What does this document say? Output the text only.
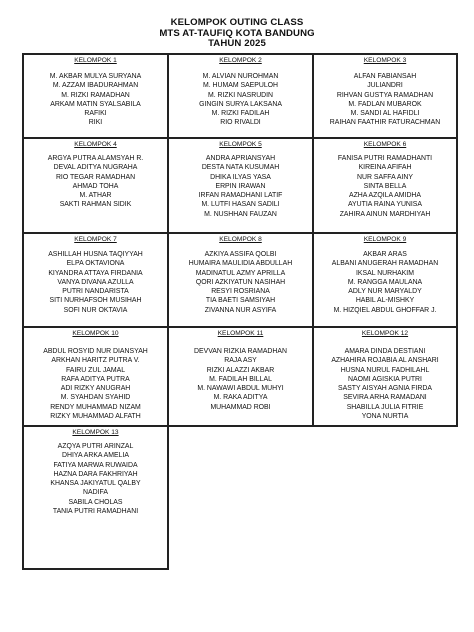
KELOMPOK OUTING CLASS
MTS AT-TAUFIQ KOTA BANDUNG
TAHUN 2025
KELOMPOK 1
M. AKBAR MULYA SURYANA
M. AZZAM IBADURAHMAN
M. RIZKI RAMADHAN
ARKAM MATIN SYALSABILA
RAFIKI
RIKI
KELOMPOK 2
M. ALVIAN NUROHMAN
M. HUMAM SAEPULOH
M. RIZKI NASRUDIN
GINGIN SURYA LAKSANA
M. RIZKI FADILAH
RIO RIVALDI
KELOMPOK 3
ALFAN FABIANSAH
JULIANDRI
RIHVAN GUSTYA RAMADHAN
M. FADLAN MUBAROK
M. SANDI AL HAFIDLI
RAIHAN FAATHIR FATURACHMAN
KELOMPOK 4
ARGYA PUTRA ALAMSYAH R.
DEVAL ADITYA NUGRAHA
RIO TEGAR RAMADHAN
AHMAD TOHA
M. ATHAR
SAKTI RAHMAN SIDIK
KELOMPOK 5
ANDRA APRIANSYAH
DESTA NATA KUSUMAH
DHIKA ILYAS YASA
ERPIN IRAWAN
IRFAN RAMADHANI LATIF
M. LUTFI HASAN SADILI
M. NUSHHAN FAUZAN
KELOMPOK 6
FANISA PUTRI RAMADHANTI
KIREINA AFIFAH
NUR SAFFA AINY
SINTA BELLA
AZHA AZQILA AMIDHA
AYUTIA RAINA YUNISA
ZAHIRA AINUN MARDHIYAH
KELOMPOK 7
ASHILLAH HUSNA TAQIYYAH
ELPA OKTAVIONA
KIYANDRA ATTAYA FIRDANIA
VANYA DIVANA AZULLA
PUTRI NANDARISTA
SITI NURHAFSOH MUSIHAH
SOFI NUR OKTAVIA
KELOMPOK 8
AZKIYA ASSIFA QOLBI
HUMAIRA MAULIDIA ABDULLAH
MADINATUL AZMY APRILLA
QORI AZKIYATUN NASIHAH
RESYI ROSRIANA
TIA BAETI SAMSIYAH
ZIVANNA NUR ASYIFA
KELOMPOK 9
AKBAR ARAS
ALBANI ANUGERAH RAMADHAN
IKSAL NURHAKIM
M. RANGGA MAULANA
ADLY NUR MARYALDY
HABIL AL-MISHKY
M. HIZQIEL ABDUL GHOFFAR J.
KELOMPOK 10
ABDUL ROSYID NUR DIANSYAH
ARKHAN HARITZ PUTRA V.
FAIRU ZUL JAMAL
RAFA ADITYA PUTRA
ADI RIZKY ANUGRAH
M. SYAHDAN SYAHID
RENDY MUHAMMAD NIZAM
RIZKY MUHAMMAD ALFATH
KELOMPOK 11
DEVVAN RIZKIA RAMADHAN
RAJA ASY
RIZKI ALAZZI AKBAR
M. FADILAH BILLAL
M. NAWAWI ABDUL MUHYI
M. RAKA ADITYA
MUHAMMAD ROBI
KELOMPOK 12
AMARA DINDA DESTIANI
AZHAHIRA ROJABIA AL ANSHARI
HUSNA NURUL FADHILAHL
NAOMI AGISKIA PUTRI
SASTY AISYAH AGNIA FIRDA
SEVIRA ARHA RAMADANI
SHABILLA JULIA FITRIE
YONA NURTIA
KELOMPOK 13
AZQYA PUTRI ARINZAL
DHIYA ARKA AMELIA
FATIYA MARWA RUWAIDA
HAZNA DARA FAKHRIYAH
KHANSA JAKIYATUL QALBY
NADIFA
SABILA CHOLAS
TANIA PUTRI RAMADHANI
